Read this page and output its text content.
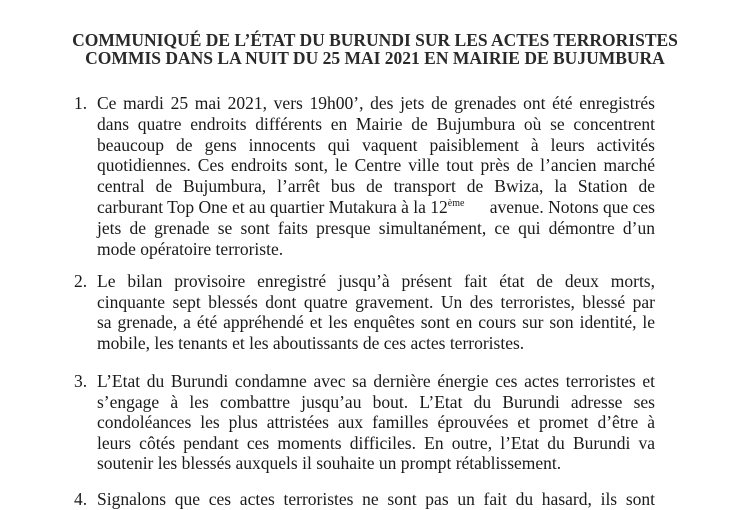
COMMUNIQUÉ DE L’ÉTAT DU BURUNDI SUR LES ACTES TERRORISTES
COMMIS DANS LA NUIT DU 25 MAI 2021 EN MAIRIE DE BUJUMBURA
1. Ce mardi 25 mai 2021, vers 19h00’, des jets de grenades ont été enregistrés
dans quatre endroits différents en Mairie de Bujumbura où se concentrent
beaucoup de gens innocents qui vaquent paisiblement à leurs activités
quotidiennes. Ces endroits sont, le Centre ville tout près de l’ancien marché
central de Bujumbura, l’arrêt bus de transport de Bwiza, la Station de
carburant Top One et au quartier Mutakura à la 12ème avenue. Notons que ces
jets de grenade se sont faits presque simultanément, ce qui démontre d’un
mode opératoire terroriste.
2. Le bilan provisoire enregistré jusqu’à présent fait état de deux morts,
cinquante sept blessés dont quatre gravement. Un des terroristes, blessé par
sa grenade, a été appréhendé et les enquêtes sont en cours sur son identité, le
mobile, les tenants et les aboutissants de ces actes terroristes.
3. L’Etat du Burundi condamne avec sa dernière énergie ces actes terroristes et
s’engage à les combattre jusqu’au bout. L’Etat du Burundi adresse ses
condoléances les plus attristées aux familles éprouvées et promet d’être à
leurs côtés pendant ces moments difficiles. En outre, l’Etat du Burundi va
soutenir les blessés auxquels il souhaite un prompt rétablissement.
4. Signalons que ces actes terroristes ne sont pas un fait du hasard, ils sont
